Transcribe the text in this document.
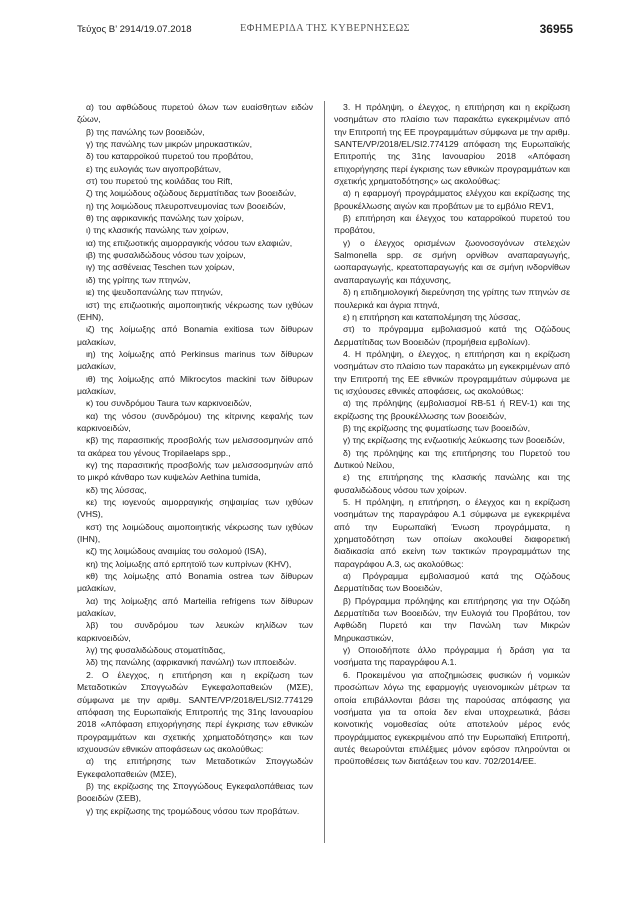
Τεύχος B’ 2914/19.07.2018	ΕΦΗΜΕΡΙΔΑ ΤΗΣ ΚΥΒΕΡΝΗΣΕΩΣ	36955

α) του αφθώδους πυρετού όλων των ευαίσθητων ειδών ζώων,

β) της πανώλης των βοοειδών,

γ) της πανώλης των μικρών μηρυκαστικών,

δ) του καταρροϊκού πυρετού του προβάτου,

ε) της ευλογιάς των αιγοπροβάτων,

στ) του πυρετού της κοιλάδας του Rift,

ζ) της λοιμώδους οζώδους δερματίτιδας των βοοειδών,

η) της λοιμώδους πλευροπνευμονίας των βοοειδών,

θ) της αφρικανικής πανώλης των χοίρων,

ι) της κλασικής πανώλης των χοίρων,

ια) της επιζωοτικής αιμορραγικής νόσου των ελαφιών,

ιβ) της φυσαλιδώδους νόσου των χοίρων,

ιγ) της ασθένειας Teschen των χοίρων,

ιδ) της γρίπης των πτηνών,

ιε) της ψευδοπανώλης των πτηνών,

ιστ) της επιζωοτικής αιμοποιητικής νέκρωσης των ιχθύων (EHN),

ιζ) της λοίμωξης από Bonamia exitiosa των δίθυρων μαλακίων,

ιη) της λοίμωξης από Perkinsus marinus των δίθυρων μαλακίων,

ιθ) της λοίμωξης από Mikrocytos mackini των δίθυρων μαλακίων,

κ) του συνδρόμου Taura των καρκινοειδών,

κα) της νόσου (συνδρόμου) της κίτρινης κεφαλής των καρκινοειδών,

κβ) της παρασιτικής προσβολής των μελισσοσμηνών από τα ακάρεα του γένους Tropilaelaps spp.,

κγ) της παρασιτικής προσβολής των μελισσοσμηνών από το μικρό κάνθαρο των κυψελών Aethina tumida,

κδ) της λύσσας,

κε) της ιογενούς αιμορραγικής σηψαιμίας των ιχθύων (VHS),

κστ) της λοιμώδους αιμοποιητικής νέκρωσης των ιχθύων (IHN),

κζ) της λοιμώδους αναιμίας του σολομού (ISA),

κη) της λοίμωξης από ερπητοϊό των κυπρίνων (KHV),

κθ) της λοίμωξης από Bonamia ostrea των δίθυρων μαλακίων,

λα) της λοίμωξης από Marteilia refrigens των δίθυρων μαλακίων,

λβ) του συνδρόμου των λευκών κηλίδων των καρκινοειδών,

λγ) της φυσαλιδώδους στοματίτιδας,

λδ) της πανώλης (αφρικανική πανώλη) των ιπποειδών.

2. Ο έλεγχος, η επιτήρηση και η εκρίζωση των Μεταδοτικών Σπογγωδών Εγκεφαλοπαθειών (ΜΣΕ), σύμφωνα με την αριθμ. SANTE/VP/2018/EL/SI2.774129 απόφαση της Ευρωπαϊκής Επιτροπής της 31ης Ιανουαρίου 2018 «Απόφαση επιχορήγησης περί έγκρισης των εθνικών προγραμμάτων και σχετικής χρηματοδότησης» και των ισχυουσών εθνικών αποφάσεων ως ακολούθως:

α) της επιτήρησης των Μεταδοτικών Σπογγωδών Εγκεφαλοπαθειών (ΜΣΕ),

β) της εκρίζωσης της Σπογγώδους Εγκεφαλοπάθειας των βοοειδών (ΣΕΒ),

γ) της εκρίζωσης της τρομώδους νόσου των προβάτων.

3. Η πρόληψη, ο έλεγχος, η επιτήρηση και η εκρίζωση νοσημάτων στο πλαίσιο των παρακάτω εγκεκριμένων από την Επιτροπή της ΕΕ προγραμμάτων σύμφωνα με την αριθμ. SANTE/VP/2018/EL/SI2.774129 απόφαση της Ευρωπαϊκής Επιτροπής της 31ης Ιανουαρίου 2018 «Απόφαση επιχορήγησης περί έγκρισης των εθνικών προγραμμάτων και σχετικής χρηματοδότησης» ως ακολούθως:

α) η εφαρμογή προγράμματος ελέγχου και εκρίζωσης της βρουκέλλωσης αιγών και προβάτων με το εμβόλιο REV1,

β) επιτήρηση και έλεγχος του καταρροϊκού πυρετού του προβάτου,

γ) ο έλεγχος ορισμένων ζωονοσογόνων στελεχών Salmonella spp. σε σμήνη ορνίθων αναπαραγωγής, ωοπαραγωγής, κρεατοπαραγωγής και σε σμήνη ινδορνίθων αναπαραγωγής και πάχυνσης,

δ) η επιδημιολογική διερεύνηση της γρίπης των πτηνών σε πουλερικά και άγρια πτηνά,

ε) η επιτήρηση και καταπολέμηση της λύσσας,

στ) το πρόγραμμα εμβολιασμού κατά της Οζώδους Δερματίτιδας των Βοοειδών (προμήθεια εμβολίων).

4. Η πρόληψη, ο έλεγχος, η επιτήρηση και η εκρίζωση νοσημάτων στο πλαίσιο των παρακάτω μη εγκεκριμένων από την Επιτροπή της ΕΕ εθνικών προγραμμάτων σύμφωνα με τις ισχύουσες εθνικές αποφάσεις, ως ακολούθως:

α) της πρόληψης (εμβολιασμοί RB-51 ή REV-1) και της εκρίζωσης της βρουκέλλωσης των βοοειδών,

β) της εκρίζωσης της φυματίωσης των βοοειδών,

γ) της εκρίζωσης της ενζωοτικής λεύκωσης των βοοειδών,

δ) της πρόληψης και της επιτήρησης του Πυρετού του Δυτικού Νείλου,

ε) της επιτήρησης της κλασικής πανώλης και της φυσαλιδώδους νόσου των χοίρων.

5. Η πρόληψη, η επιτήρηση, ο έλεγχος και η εκρίζωση νοσημάτων της παραγράφου Α.1 σύμφωνα με εγκεκριμένα από την Ευρωπαϊκή Ένωση προγράμματα, η χρηματοδότηση των οποίων ακολουθεί διαφορετική διαδικασία από εκείνη των τακτικών προγραμμάτων της παραγράφου Α.3, ως ακολούθως:

α) Πρόγραμμα εμβολιασμού κατά της Οζώδους Δερματίτιδας των Βοοειδών,

β) Πρόγραμμα πρόληψης και επιτήρησης για την Οζώδη Δερματίτιδα των Βοοειδών, την Ευλογιά του Προβάτου, τον Αφθώδη Πυρετό και την Πανώλη των Μικρών Μηρυκαστικών,

γ) Οποιοδήποτε άλλο πρόγραμμα ή δράση για τα νοσήματα της παραγράφου Α.1.

6. Προκειμένου για αποζημιώσεις φυσικών ή νομικών προσώπων λόγω της εφαρμογής υγειονομικών μέτρων τα οποία επιβάλλονται βάσει της παρούσας απόφασης για νοσήματα για τα οποία δεν είναι υποχρεωτικά, βάσει κοινοτικής νομοθεσίας ούτε αποτελούν μέρος ενός προγράμματος εγκεκριμένου από την Ευρωπαϊκή Επιτροπή, αυτές θεωρούνται επιλέξιμες μόνον εφόσον πληρούνται οι προϋποθέσεις των διατάξεων του καν. 702/2014/ΕΕ.
